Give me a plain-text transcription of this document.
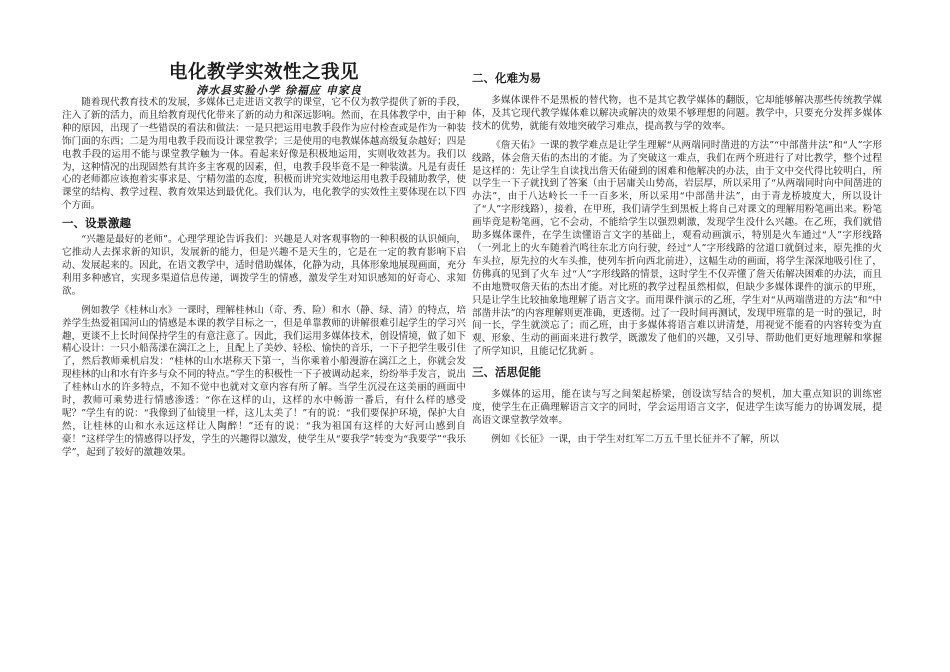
电化教学实效性之我见
涛水县实验小学 徐福应 申家良

随着现代教育技术的发展，多媒体已走进语文教学的课堂，它不仅为教学提供了新的手段，注入了新的活力，而且给教育现代化带来了新的动力和深远影响。然而，在具体教学中，由于种种的原因，出现了一些错误的看法和做法：一是只把运用电教手段作为应付检查或是作为一种装饰门面的东西；二是为用电教手段而设计课堂教学；三是使用的电教媒体越高级复杂越好；四是电教手段的运用不能与课堂教学触为一体。看起来好像是积极地运用，实则收效甚为。我们以为，这种情况的出现固然有其许多主客观的因素，但，电教手段毕竟不是一种装潢。凡是有责任心的老师都应该抱着实事求是、宁精勿滥的态度，积极而讲究实效地运用电教手段辅助教学，使课堂的结构、教学过程、教育效果达到最优化。我们认为，电化教学的实效性主要体现在以下四个方面。

一、设景激趣

“兴趣是最好的老师”。心理学理论告诉我们：兴趣是人对客观事物的一种积极的认识倾向，它推动人去探求新的知识，发展新的能力，但是兴趣不是天生的，它是在一定的教育影响下启动、发展起来的。因此，在语文教学中，适时借助媒体，化静为动，具体形象地展现画面，充分利用多种感官，实现多渠道信息传递，调拨学生的情感，激发学生对知识感知的好奇心、求知欲。

例如教学《桂林山水》一课时，理解桂林山（奇、秀、险）和水（静、绿、清）的特点，培养学生热爱祖国河山的情感是本课的教学目标之一，但是单靠教师的讲解很难引起学生的学习兴趣，更谈不上长时间保持学生的有意注意了。因此，我们运用多媒体技术，创设情境，做了如下精心设计：一只小船荡漾在漓江之上，且配上了美妙、轻松、愉快的音乐，一下子把学生吸引住了，然后教师乘机启发：“桂林的山水堪称天下第一，当你乘着小船漫游在漓江之上，你就会发现桂林的山和水有许多与众不同的特点。”学生的积极性一下子被调动起来，纷纷举手发言，说出了桂林山水的许多特点，不知不觉中也就对文章内容有所了解。当学生沉浸在这美丽的画面中时，教师可乘势进行情感渗透：“你在这样的山，这样的水中畅游一番后，有什么样的感受呢？”学生有的说：“我像到了仙镜里一样，这儿太美了！”有的说：“我们要保护环境，保护大自然，让桂林的山和水永远这样让人陶醉！”还有的说：“我为祖国有这样的大好河山感到自豪！”这样学生的情感得以抒发，学生的兴趣得以激发，使学生从“要我学”转变为“我要学”“我乐学”，起到了较好的激趣效果。

二、化难为易

多媒体课件不是黑板的替代物，也不是其它教学媒体的翻版，它却能够解决那些传统教学媒体，及其它现代教学媒体难以解决或解决的效果不够理想的问题。教学中，只要充分发挥多媒体技术的优势，就能有效地突破学习难点，提高教与学的效率。

《詹天佑》一课的教学难点是让学生理解“从两端同时凿进的方法”“中部凿井法”和“人”字形线路，体会詹天佑的杰出的才能。为了突破这一难点，我们在两个班进行了对比教学，整个过程是这样的：先让学生自读找出詹天佑碰到的困难和他解决的办法，由于文中交代得比较明白，所以学生一下子就找到了答案（由于居庸关山势高，岩层厚，所以采用了“从两端同时向中间凿进的办法”，由于八达岭长一千一百多米，所以采用“中部凿井法”，由于青龙桥坡度大，所以设计了“人”字形线路），接着，在甲班，我们请学生到黑板上将自己对课文的理解用粉笔画出来。粉笔画毕竟是粉笔画，它不会动，不能给学生以强烈刺激，发现学生没什么兴趣。在乙班，我们就借助多媒体课件，在学生读懂语言文字的基础上，观看动画演示，特别是火车通过“人”字形线路（一列北上的火车随着汽鸣往东北方向行驶，经过“人”字形线路的岔道口就倒过来，原先推的火车头拉，原先拉的火车头推，使列车折向西北前进），这幅生动的画面，将学生深深地吸引住了，仿佛真的见到了火车 过“人”字形线路的情景，这时学生不仅弄懂了詹天佑解决困难的办法，而且不由地赞叹詹天佑的杰出才能。对比班的教学过程虽然相似，但缺少多媒体课件的演示的甲班，只是让学生比较抽象地理解了语言文字。而用课件演示的乙班，学生对“从两端凿进的方法”和“中部凿井法”的内容理解则更准确，更透彻。过了一段时间再测试，发现甲班靠的是一时的强记，时间一长，学生就淡忘了；而乙班，由于多媒体将语言难以讲清楚，用视觉不能看的内容转变为直观、形象、生动的画面来进行教学，既激发了他们的兴趣，又引导、帮助他们更好地理解和掌握了所学知识，且能记忆犹新 。

三、活思促能

多媒体的运用，能在读与写之间架起桥梁，创设读写结合的契机，加大重点知识的训练密度，使学生在正确理解语言文字的同时，学会运用语言文字，促进学生读写能力的协调发展，提高语文课堂教学效率。

例如《长征》一课，由于学生对红军二万五千里长征并不了解，所以
